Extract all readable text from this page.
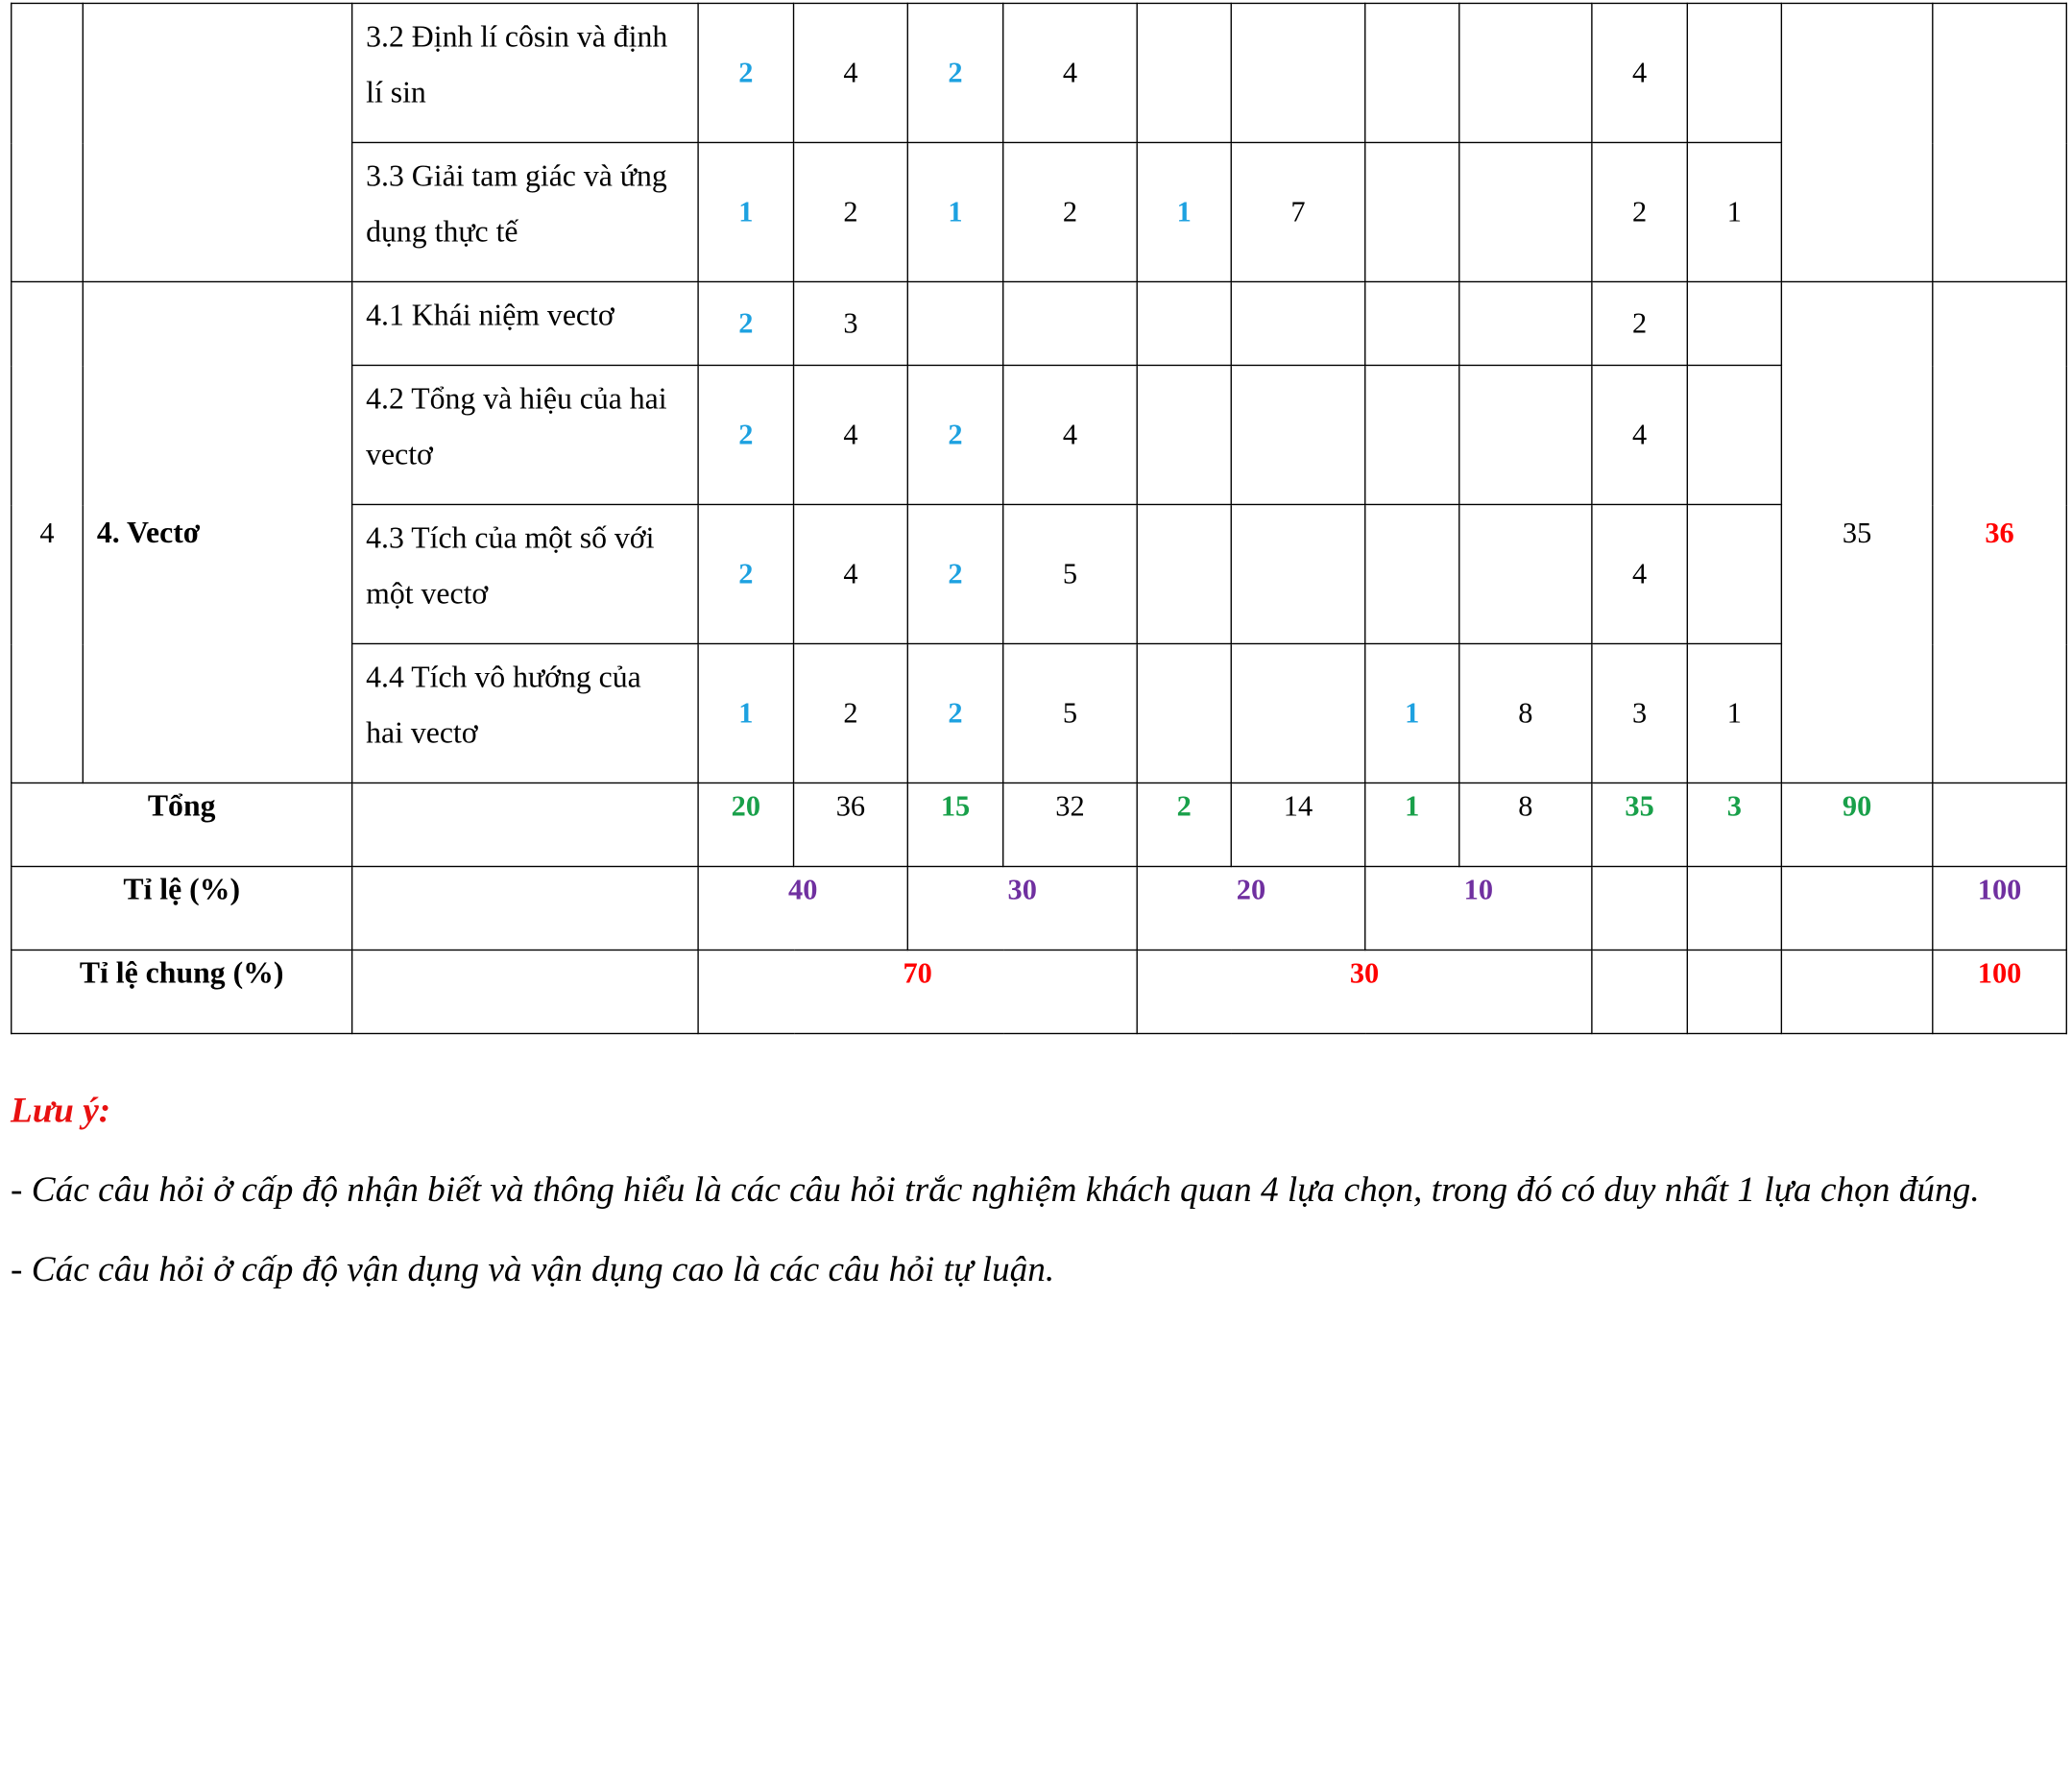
		3.2 Định lí côsin và định lí sin	2	4	2	4					4			
		3.3 Giải tam giác và ứng dụng thực tế	1	2	1	2	1	7			2	1		
4	4. Vectơ	4.1 Khái niệm vectơ	2	3							2		35	36
		4.2 Tổng và hiệu của hai vectơ	2	4	2	4					4			
		4.3 Tích của một số với một vectơ	2	4	2	5					4			
		4.4 Tích vô hướng của hai vectơ	1	2	2	5			1	8	3	1		
Tổng			20	36	15	32	2	14	1	8	35	3	90	
Tỉ lệ (%)			40		30		20		10					100
Tỉ lệ chung (%)			70				30							100
Lưu ý:
- Các câu hỏi ở cấp độ nhận biết và thông hiểu là các câu hỏi trắc nghiệm khách quan 4 lựa chọn, trong đó có duy nhất 1 lựa chọn đúng.
- Các câu hỏi ở cấp độ vận dụng và vận dụng cao là các câu hỏi tự luận.
